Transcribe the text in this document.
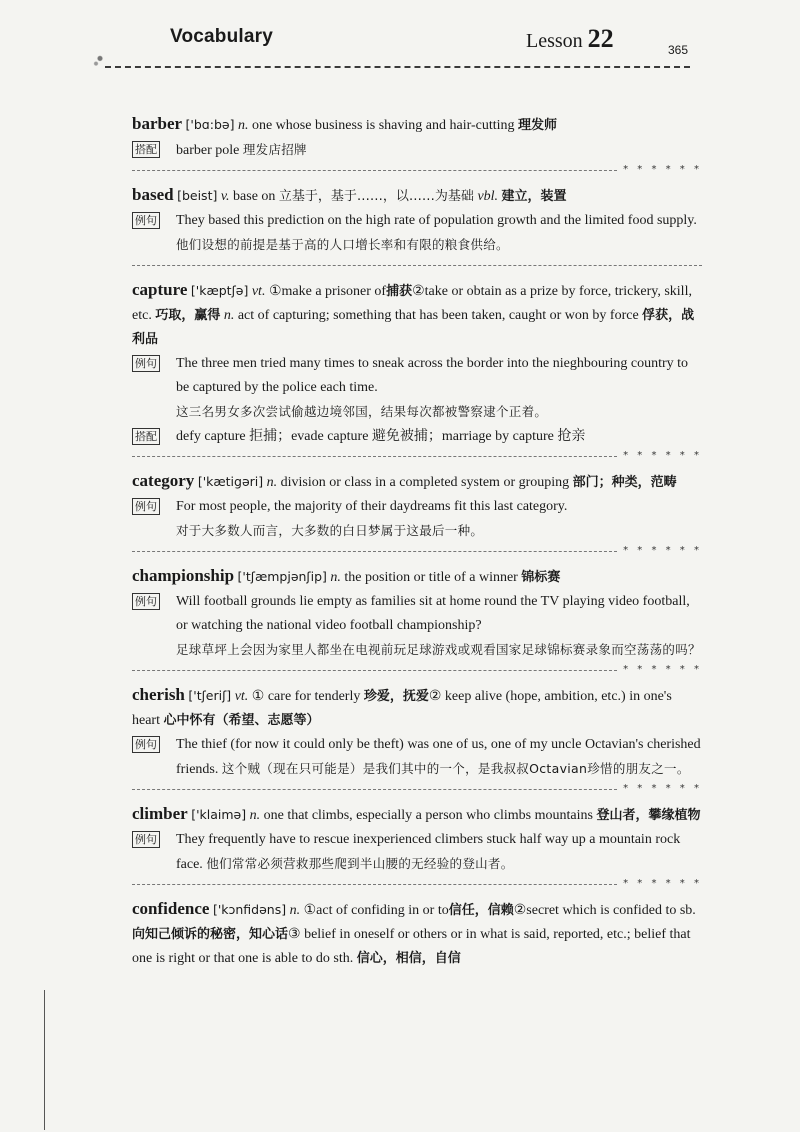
Vocabulary	Lesson 22	365

barber ['bɑ:bə] n. one whose business is shaving and hair-cutting 理发师

搭配 barber pole 理发店招牌
* * * * * *

based [beist] v. base on 立基于，基于……，以……为基础 vbl. 建立，装置

例句 They based this prediction on the high rate of population growth and the limited food supply. 他们设想的前提是基于高的人口增长率和有限的粮食供给。

capture ['kæptʃə] vt. ①make a prisoner of捕获②take or obtain as a prize by force, trickery, skill, etc. 巧取，赢得 n. act of capturing; something that has been taken, caught or won by force 俘获，战利品

例句 The three men tried many times to sneak across the border into the nieghbouring country to be captured by the police each time.
这三名男女多次尝试偷越边境邻国，结果每次都被警察逮个正着。
搭配 defy capture 拒捕；evade capture 避免被捕；marriage by capture 抢亲
* * * * * *

category ['kætigəri] n. division or class in a completed system or grouping 部门；种类，范畴

例句 For most people, the majority of their daydreams fit this last category.
对于大多数人而言，大多数的白日梦属于这最后一种。
* * * * * *

championship ['tʃæmpjənʃip] n. the position or title of a winner 锦标赛

例句 Will football grounds lie empty as families sit at home round the TV playing video football, or watching the national video football championship?
足球草坪上会因为家里人都坐在电视前玩足球游戏或观看国家足球锦标赛录象而空荡荡的吗？
* * * * * *

cherish ['tʃeriʃ] vt. ① care for tenderly 珍爱，抚爱② keep alive (hope, ambition, etc.) in one's heart 心中怀有（希望、志愿等）

例句 The thief (for now it could only be theft) was one of us, one of my uncle Octavian's cherished friends. 这个贼（现在只可能是）是我们其中的一个，是我叔叔Octavian珍惜的朋友之一。
* * * * * *

climber ['klaimə] n. one that climbs, especially a person who climbs mountains 登山者，攀缘植物

例句 They frequently have to rescue inexperienced climbers stuck half way up a mountain rock face. 他们常常必须营救那些爬到半山腰的无经验的登山者。
* * * * * *

confidence ['kɔnfidəns] n. ①act of confiding in or to信任，信赖②secret which is confided to sb. 向知己倾诉的秘密，知心话③ belief in oneself or others or in what is said, reported, etc.; belief that one is right or that one is able to do sth. 信心，相信，自信
